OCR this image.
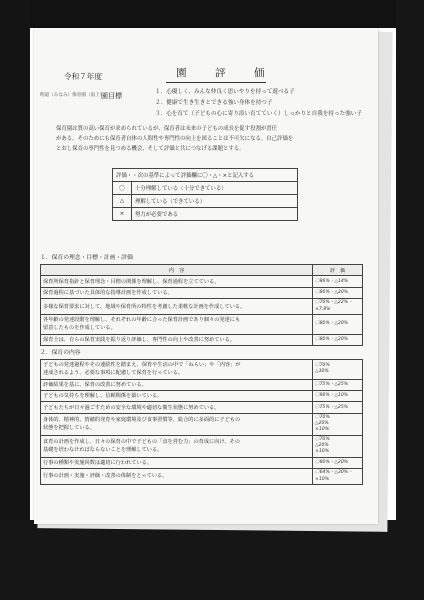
令和７年度	園　評　価
明道（みなみ）保育園（南上）
園目標	１．心優しく、みんな仲良く思いやりを持って遊べる子
２．健康で生き生きとできる強い身体を持つ子
３．心を育て（子どもの心に寄り添い育てていく）しっかりと自我を持った強い子
保育園は質の高い保育が求められているが、保育者は未来の子どもの成長を促す役割が責任
がある。そのためにも保育者自体の人間性や専門性の向上を図ることは不可欠になる。自己評価を
とおし保育の専門性を見つめる機会、そして評価と共につなげる課題とする。
評価・・次の基準によって評価欄に〇・△・×と記入する	
〇	十分理解している（十分できている）
△	理解している（できている）
×	努力が必要である
１．保育の理念・目標・計画・評価
内　容	評　価
保育所保育指針と保育理念・目標の関係を理解し、保育過程を立てている。	〇86%・△14%
保育過程に基づいた具体的な指導計画を作成している。	〇80%・△20%
多様な保育要求に対して、地域や保育所の特性を考慮した柔軟な計画を作成している。	〇70%・△22%・×7.8%
各年齢の発達段階を理解し、それぞれの年齢に合った保育計画であり個々の発達にも
留意したものを作成している。	〇80%・△20%
保育士は、自らの保育実践を振り返り評価し、専門性の向上や改善に努めている。	〇80%・△20%
２．保育の内容
子どもの発達過程やその連続性を踏まえ、保育や生活の中で「ねらい」や「内容」が
達成されるよう、必要な事項に配慮して保育を行っている。	〇70%
△30%
評価結果を基に、保育の改善に努めている。	〇75%・△25%
子どもの気持ちを理解し、信頼関係を築いている。	〇90%・△10%
子どもたちが日々過ごすための安全な環境や適切な衛生状態に努めている。	〇75%・△25%
身体的、精神的、情緒的発育や家庭環境及び食事習慣等、総合的に多面的に子どもの
状態を把握している。	〇70%
△20%
×10%
食育の計画を作成し、日々の保育の中で子どもの「食を営む力」の育成に向け、その
基礎を培わなければならないことを理解している。	〇70%
△20%
×10%
行事の種類や実施回数は適切に行われている。	〇80%・△20%
行事の計画・実施・評価・改善の体制をとっている。	〇64%・△30%・×10%
